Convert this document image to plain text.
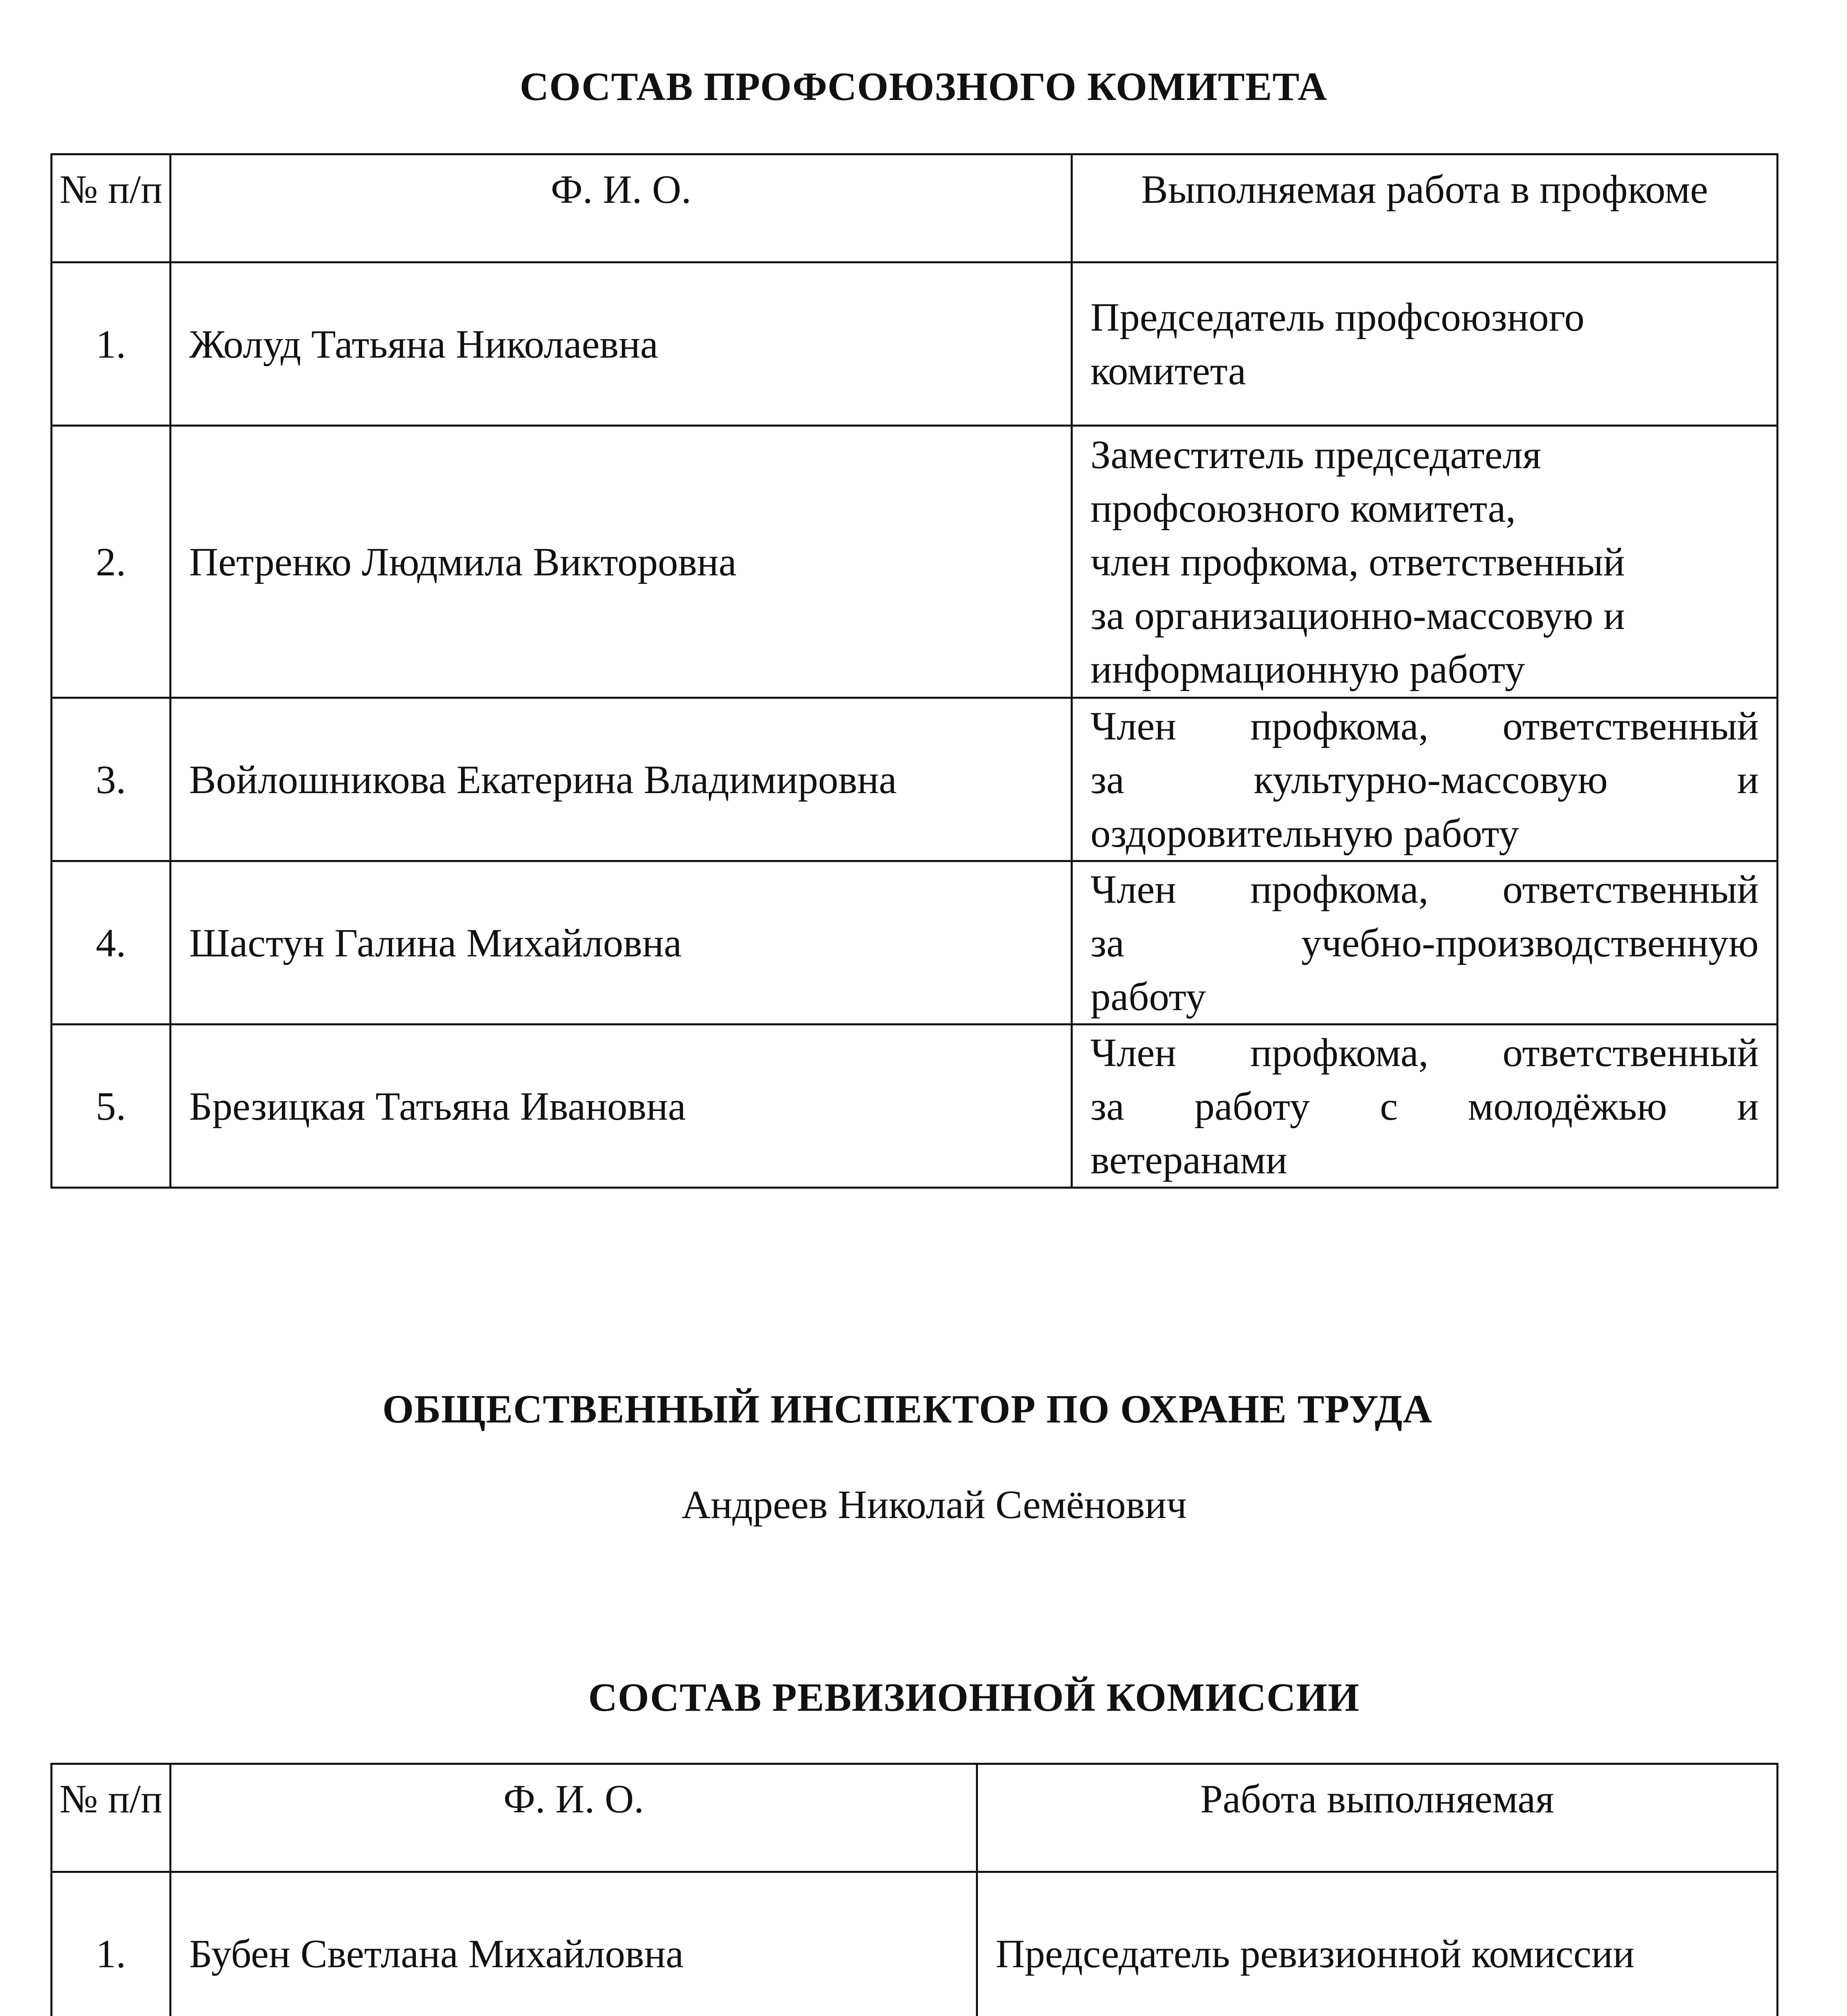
СОСТАВ ПРОФСОЮЗНОГО КОМИТЕТА
№ п/п	Ф. И. О.	Выполняемая работа в профкоме
1.	Жолуд Татьяна Николаевна	Председатель профсоюзного
комитета

2.	Петренко Людмила Викторовна	Заместитель председателя
профсоюзного комитета,
член профкома, ответственный
за организационно-массовую и
информационную работу

3.	Войлошникова Екатерина Владимировна	Член профкома, ответственный
за культурно-массовую и
оздоровительную работу

4.	Шастун Галина Михайловна	Член профкома, ответственный
за учебно-производственную
работу

5.	Брезицкая Татьяна Ивановна	Член профкома, ответственный
за работу с молодёжью и
ветеранами
ОБЩЕСТВЕННЫЙ ИНСПЕКТОР ПО ОХРАНЕ ТРУДА
Андреев Николай Семёнович
СОСТАВ РЕВИЗИОННОЙ КОМИССИИ
№ п/п	Ф. И. О.	Работа выполняемая
1.	Бубен Светлана Михайловна	Председатель ревизионной комиссии
